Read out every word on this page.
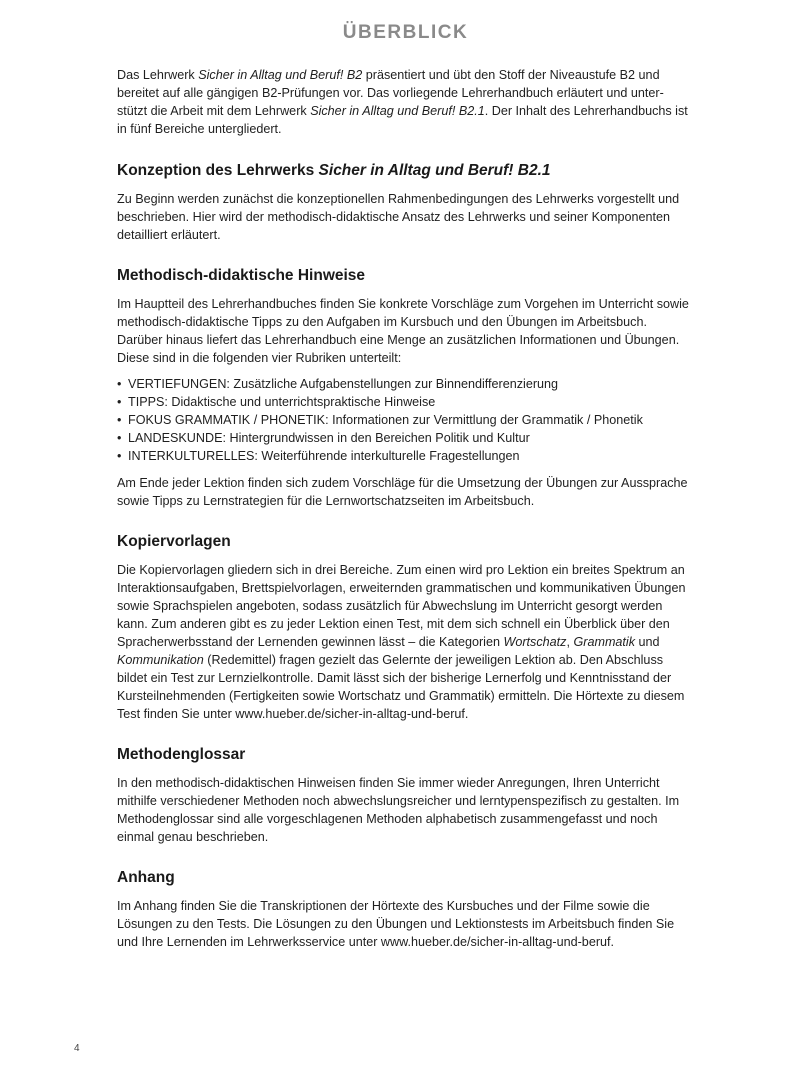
ÜBERBLICK

Das Lehrwerk Sicher in Alltag und Beruf! B2 präsentiert und übt den Stoff der Niveaustufe B2 und bereitet auf alle gängigen B2-Prüfungen vor. Das vorliegende Lehrerhandbuch erläutert und unterstützt die Arbeit mit dem Lehrwerk Sicher in Alltag und Beruf! B2.1. Der Inhalt des Lehrerhandbuchs ist in fünf Bereiche untergliedert.

Konzeption des Lehrwerks Sicher in Alltag und Beruf! B2.1

Zu Beginn werden zunächst die konzeptionellen Rahmenbedingungen des Lehrwerks vorgestellt und beschrieben. Hier wird der methodisch-didaktische Ansatz des Lehrwerks und seiner Komponenten detailliert erläutert.

Methodisch-didaktische Hinweise

Im Hauptteil des Lehrerhandbuches finden Sie konkrete Vorschläge zum Vorgehen im Unterricht sowie methodisch-didaktische Tipps zu den Aufgaben im Kursbuch und den Übungen im Arbeitsbuch. Darüber hinaus liefert das Lehrerhandbuch eine Menge an zusätzlichen Informationen und Übungen. Diese sind in die folgenden vier Rubriken unterteilt:

• VERTIEFUNGEN: Zusätzliche Aufgabenstellungen zur Binnendifferenzierung
• TIPPS: Didaktische und unterrichtspraktische Hinweise
• FOKUS GRAMMATIK / PHONETIK: Informationen zur Vermittlung der Grammatik / Phonetik
• LANDESKUNDE: Hintergrundwissen in den Bereichen Politik und Kultur
• INTERKULTURELLES: Weiterführende interkulturelle Fragestellungen

Am Ende jeder Lektion finden sich zudem Vorschläge für die Umsetzung der Übungen zur Aussprache sowie Tipps zu Lernstrategien für die Lernwortschatzseiten im Arbeitsbuch.

Kopiervorlagen

Die Kopiervorlagen gliedern sich in drei Bereiche. Zum einen wird pro Lektion ein breites Spektrum an Interaktionsaufgaben, Brettspielvorlagen, erweiternden grammatischen und kommunikativen Übungen sowie Sprachspielen angeboten, sodass zusätzlich für Abwechslung im Unterricht gesorgt werden kann. Zum anderen gibt es zu jeder Lektion einen Test, mit dem sich schnell ein Überblick über den Spracherwerbsstand der Lernenden gewinnen lässt – die Kategorien Wortschatz, Grammatik und Kommunikation (Redemittel) fragen gezielt das Gelernte der jeweiligen Lektion ab. Den Abschluss bildet ein Test zur Lernzielkontrolle. Damit lässt sich der bisherige Lernerfolg und Kenntnisstand der Kursteilnehmenden (Fertigkeiten sowie Wortschatz und Grammatik) ermitteln. Die Hörtexte zu diesem Test finden Sie unter www.hueber.de/sicher-in-alltag-und-beruf.

Methodenglossar

In den methodisch-didaktischen Hinweisen finden Sie immer wieder Anregungen, Ihren Unterricht mithilfe verschiedener Methoden noch abwechslungsreicher und lerntypenspezifisch zu gestalten. Im Methodenglossar sind alle vorgeschlagenen Methoden alphabetisch zusammengefasst und noch einmal genau beschrieben.

Anhang

Im Anhang finden Sie die Transkriptionen der Hörtexte des Kursbuches und der Filme sowie die Lösungen zu den Tests. Die Lösungen zu den Übungen und Lektionstests im Arbeitsbuch finden Sie und Ihre Lernenden im Lehrwerksservice unter www.hueber.de/sicher-in-alltag-und-beruf.

4
